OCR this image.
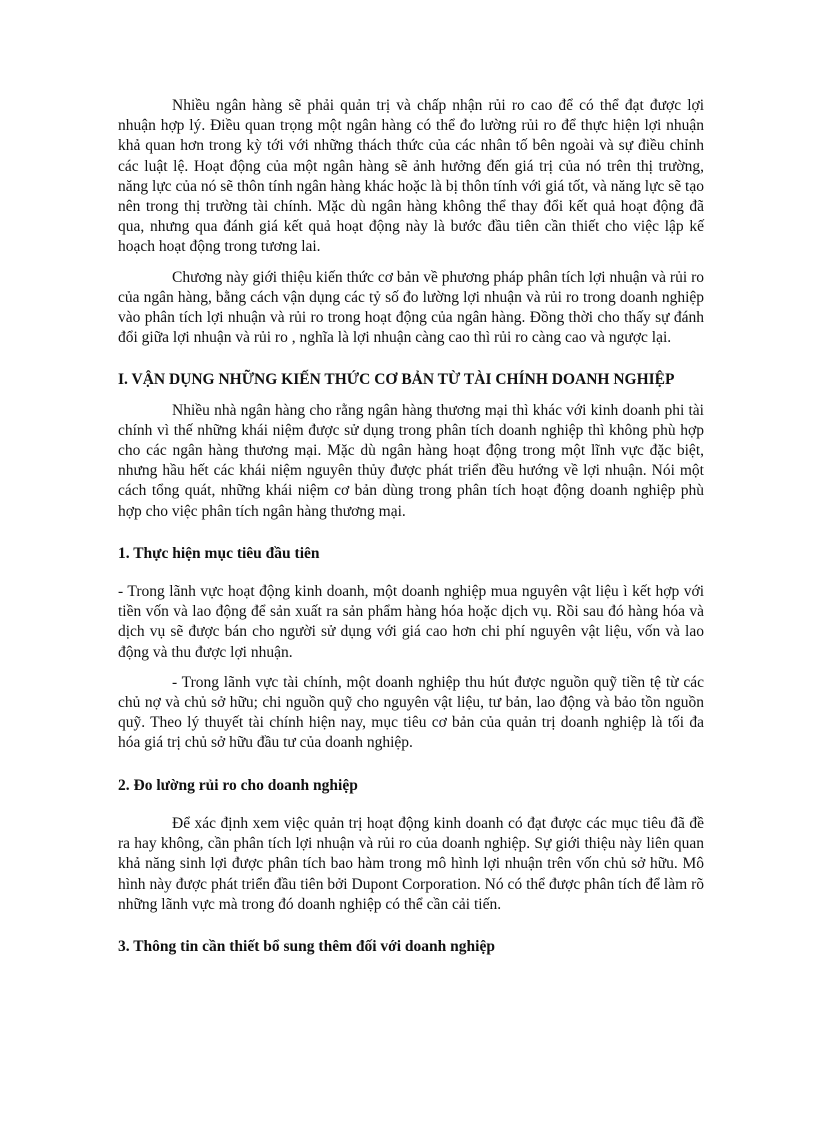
Nhiều ngân hàng sẽ phải quản trị và chấp nhận rủi ro cao để có thể đạt được lợi nhuận hợp lý. Điều quan trọng một ngân hàng có thể đo lường rủi ro để thực hiện lợi nhuận khả quan hơn trong kỳ tới với những thách thức của các nhân tố bên ngoài và sự điều chỉnh các luật lệ. Hoạt động của một ngân hàng sẽ ảnh hưởng đến giá trị của nó trên thị trường, năng lực của nó sẽ thôn tính ngân hàng khác hoặc là bị thôn tính với giá tốt, và năng lực sẽ tạo nên trong thị trường tài chính. Mặc dù ngân hàng không thể thay đổi kết quả hoạt động đã qua, nhưng qua đánh giá kết quả hoạt động này là bước đầu tiên cần thiết cho việc lập kế hoạch hoạt động trong tương lai.

Chương này giới thiệu kiến thức cơ bản về phương pháp phân tích lợi nhuận và rủi ro của ngân hàng, bằng cách vận dụng các tỷ số đo lường lợi nhuận và rủi ro trong doanh nghiệp vào phân tích lợi nhuận và rủi ro trong hoạt động của ngân hàng. Đồng thời cho thấy sự đánh đổi giữa lợi nhuận và rủi ro , nghĩa là lợi nhuận càng cao thì rủi ro càng cao và ngược lại.

I. VẬN DỤNG NHỮNG KIẾN THỨC CƠ BẢN TỪ TÀI CHÍNH DOANH NGHIỆP

Nhiều nhà ngân hàng cho rằng ngân hàng thương mại thì khác với kinh doanh phi tài chính vì thế những khái niệm được sử dụng trong phân tích doanh nghiệp thì không phù hợp cho các ngân hàng thương mại. Mặc dù ngân hàng hoạt động trong một lĩnh vực đặc biệt, nhưng hầu hết các khái niệm nguyên thủy được phát triển đều hướng về lợi nhuận. Nói một cách tổng quát, những khái niệm cơ bản dùng trong phân tích hoạt động doanh nghiệp phù hợp cho việc phân tích ngân hàng thương mại.

1. Thực hiện mục tiêu đầu tiên

- Trong lãnh vực hoạt động kinh doanh, một doanh nghiệp mua nguyên vật liệu ì kết hợp với tiền vốn và lao động để sản xuất ra sản phẩm hàng hóa hoặc dịch vụ. Rồi sau đó hàng hóa và dịch vụ sẽ được bán cho người sử dụng với giá cao hơn chi phí nguyên vật liệu, vốn và lao động và thu được lợi nhuận.

- Trong lãnh vực tài chính, một doanh nghiệp thu hút được nguồn quỹ tiền tệ từ các chủ nợ và chủ sở hữu; chi nguồn quỹ cho nguyên vật liệu, tư bản, lao động và bảo tồn nguồn quỹ. Theo lý thuyết tài chính hiện nay, mục tiêu cơ bản của quản trị doanh nghiệp là tối đa hóa giá trị chủ sở hữu đầu tư của doanh nghiệp.

2. Đo lường rủi ro cho doanh nghiệp

Để xác định xem việc quản trị hoạt động kinh doanh có đạt được các mục tiêu đã đề ra hay không, cần phân tích lợi nhuận và rủi ro của doanh nghiệp. Sự giới thiệu này liên quan khả năng sinh lợi được phân tích bao hàm trong mô hình lợi nhuận trên vốn chủ sở hữu. Mô hình này được phát triển đầu tiên bởi Dupont Corporation. Nó có thể được phân tích để làm rõ những lãnh vực mà trong đó doanh nghiệp có thể cần cải tiến.

3. Thông tin cần thiết bổ sung thêm đối với doanh nghiệp
